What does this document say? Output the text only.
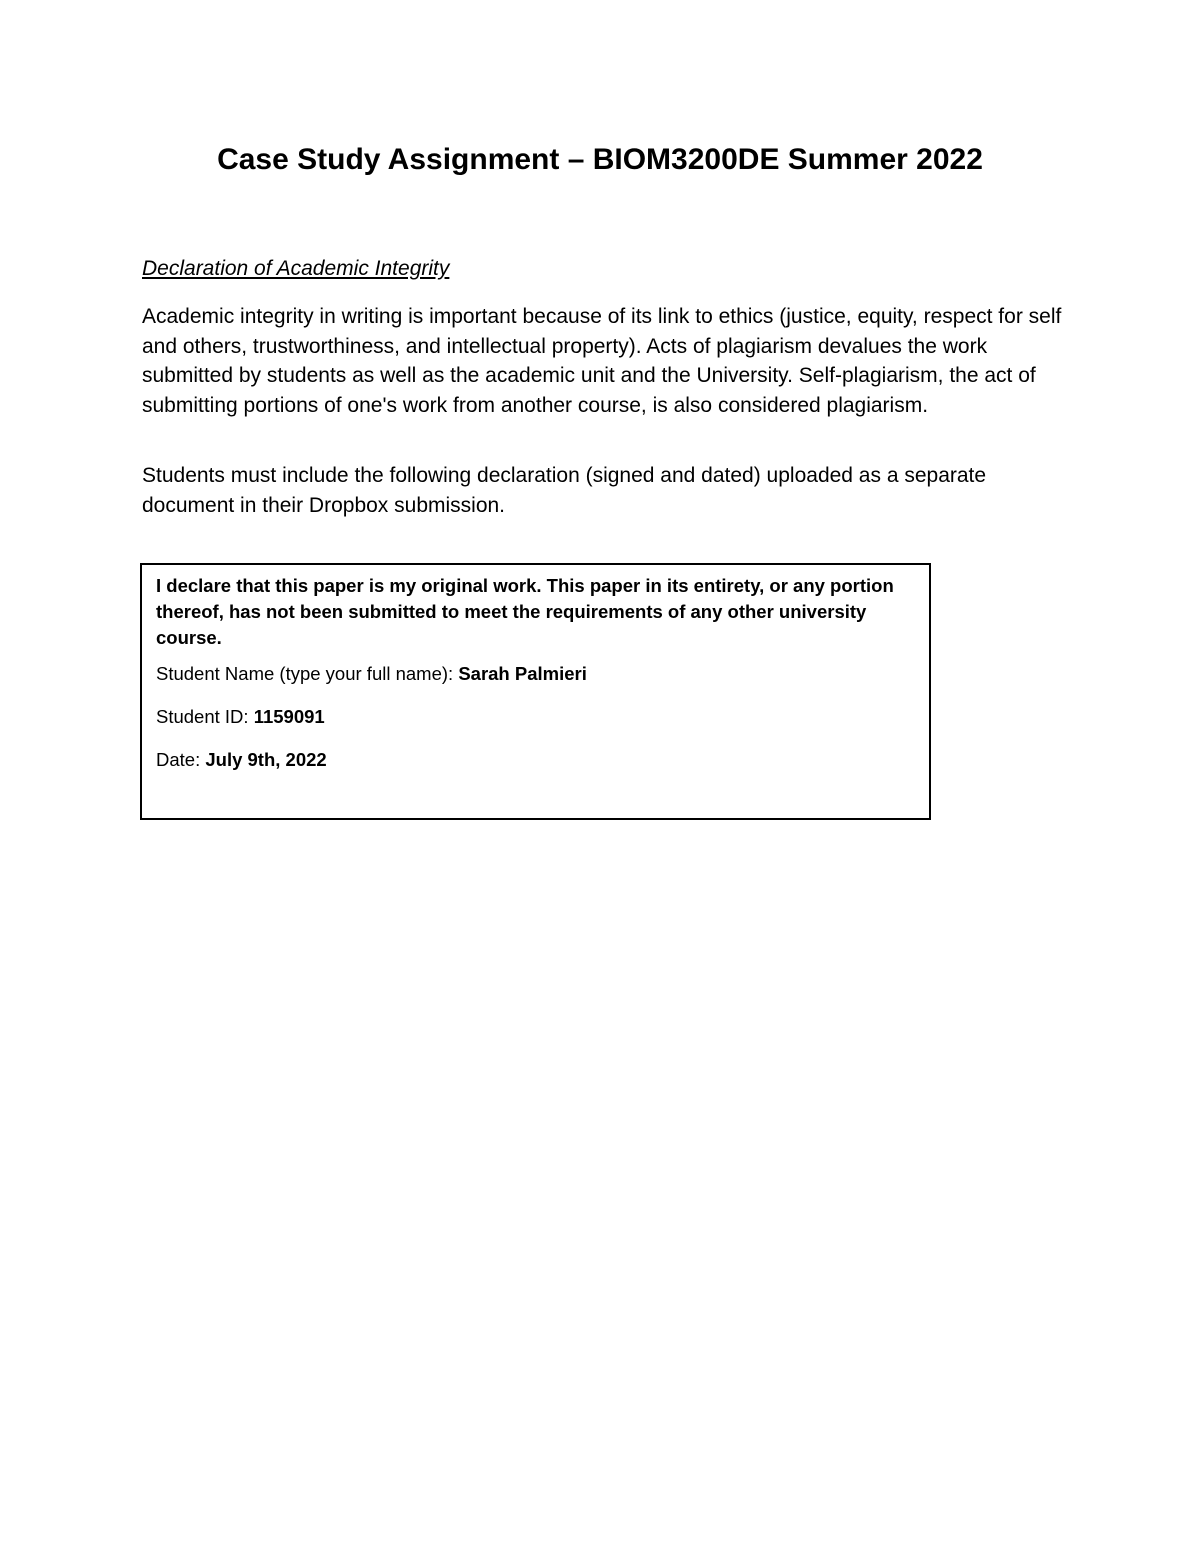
Case Study Assignment – BIOM3200DE Summer 2022

Declaration of Academic Integrity

Academic integrity in writing is important because of its link to ethics (justice, equity, respect for self and others, trustworthiness, and intellectual property). Acts of plagiarism devalues the work submitted by students as well as the academic unit and the University. Self-plagiarism, the act of submitting portions of one's work from another course, is also considered plagiarism.

Students must include the following declaration (signed and dated) uploaded as a separate document in their Dropbox submission.

I declare that this paper is my original work. This paper in its entirety, or any portion thereof, has not been submitted to meet the requirements of any other university course.

Student Name (type your full name): Sarah Palmieri

Student ID: 1159091

Date: July 9th, 2022
